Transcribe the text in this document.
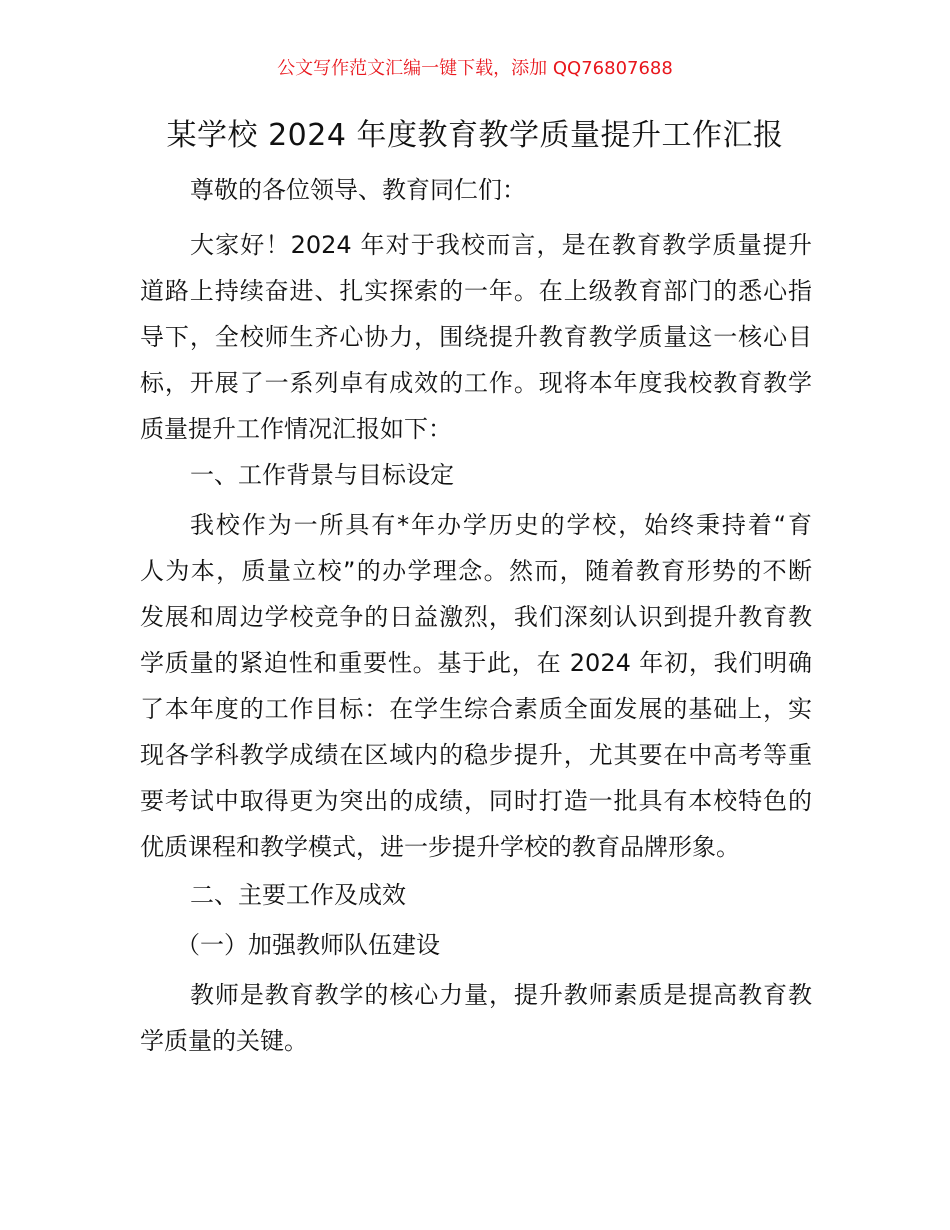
公文写作范文汇编一键下载，添加 QQ76807688
某学校 2024 年度教育教学质量提升工作汇报
尊敬的各位领导、教育同仁们：
大家好！2024 年对于我校而言，是在教育教学质量提升
道路上持续奋进、扎实探索的一年。在上级教育部门的悉心指
导下，全校师生齐心协力，围绕提升教育教学质量这一核心目
标，开展了一系列卓有成效的工作。现将本年度我校教育教学
质量提升工作情况汇报如下：
一、工作背景与目标设定
我校作为一所具有*年办学历史的学校，始终秉持着“育
人为本，质量立校”的办学理念。然而，随着教育形势的不断
发展和周边学校竞争的日益激烈，我们深刻认识到提升教育教
学质量的紧迫性和重要性。基于此，在 2024 年初，我们明确
了本年度的工作目标：在学生综合素质全面发展的基础上，实
现各学科教学成绩在区域内的稳步提升，尤其要在中高考等重
要考试中取得更为突出的成绩，同时打造一批具有本校特色的
优质课程和教学模式，进一步提升学校的教育品牌形象。
二、主要工作及成效
（一）加强教师队伍建设
教师是教育教学的核心力量，提升教师素质是提高教育教
学质量的关键。
